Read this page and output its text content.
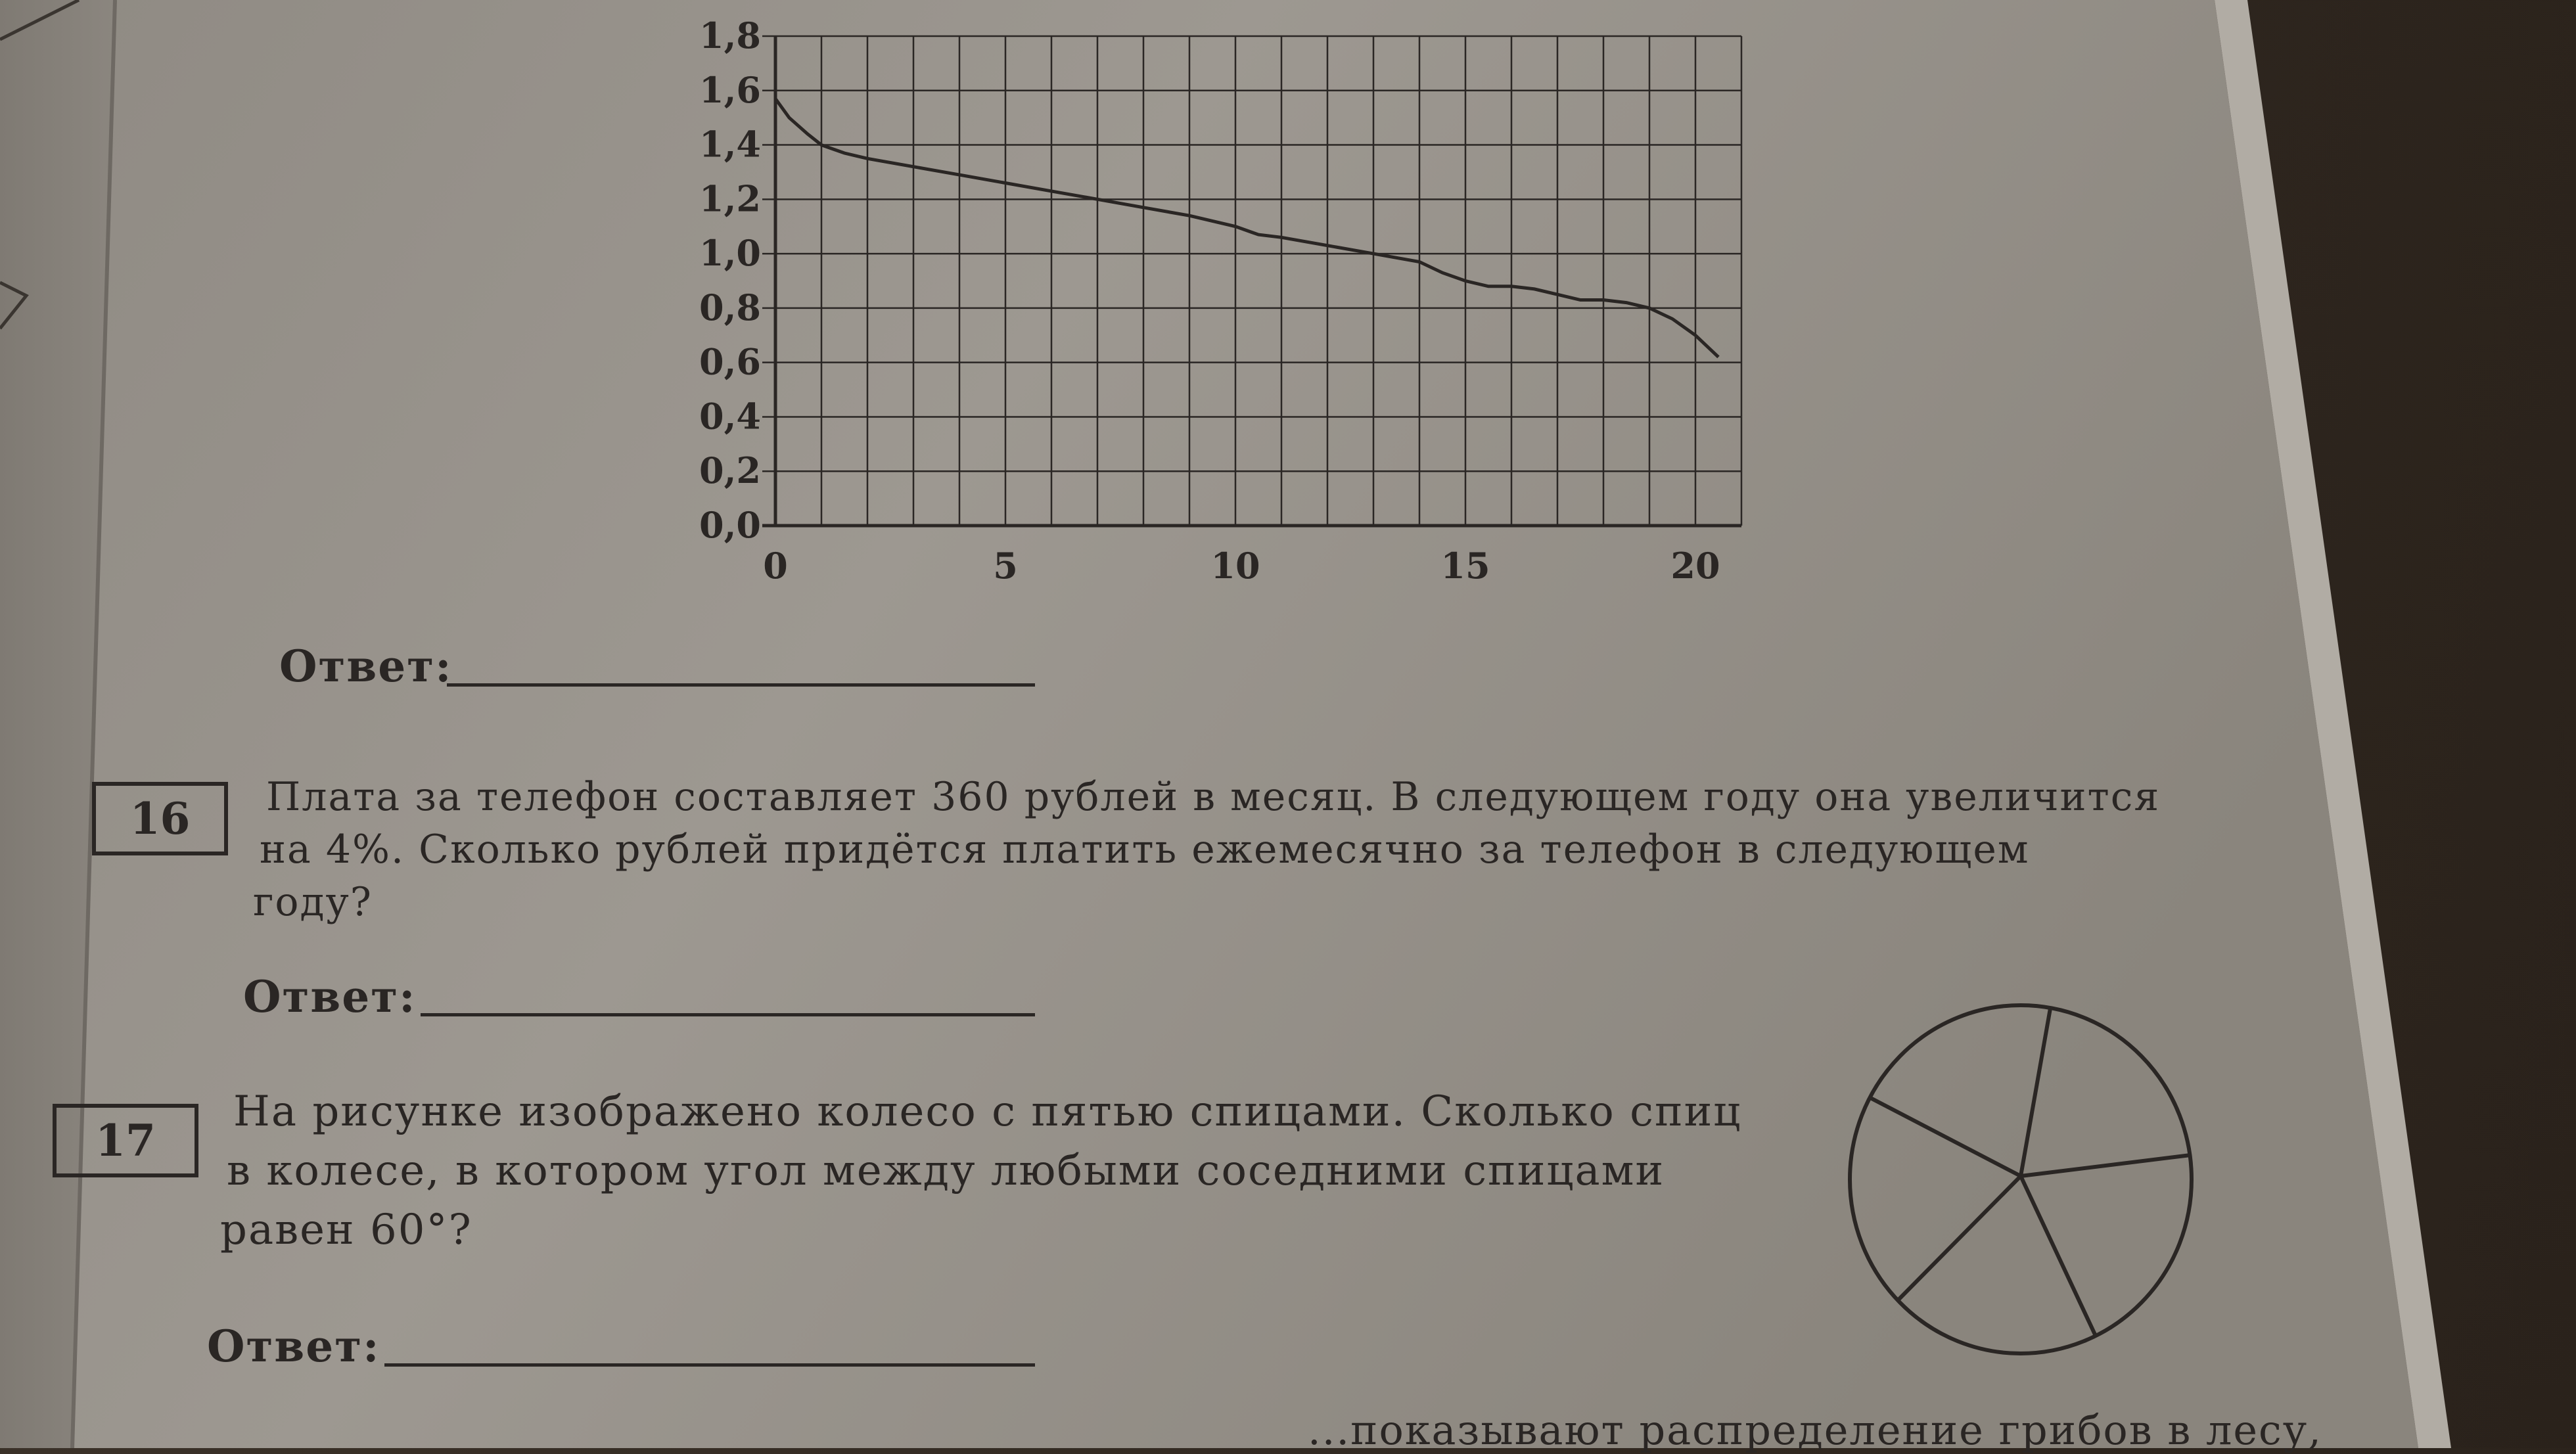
0,0
0,2
0,4
0,6
0,8
1,0
1,2
1,4
1,6
1,8
0	5	10	15	20
Ответ:
16	Плата за телефон составляет 360 рублей в месяц. В следующем году она увеличится
на 4%. Сколько рублей придётся платить ежемесячно за телефон в следующем
году?
Ответ:
17
На рисунке изображено колесо с пятью спицами. Сколько спиц
в колесе, в котором угол между любыми соседними спицами
равен 60°?
Ответ:
...показывают распределение грибов в лесу,
